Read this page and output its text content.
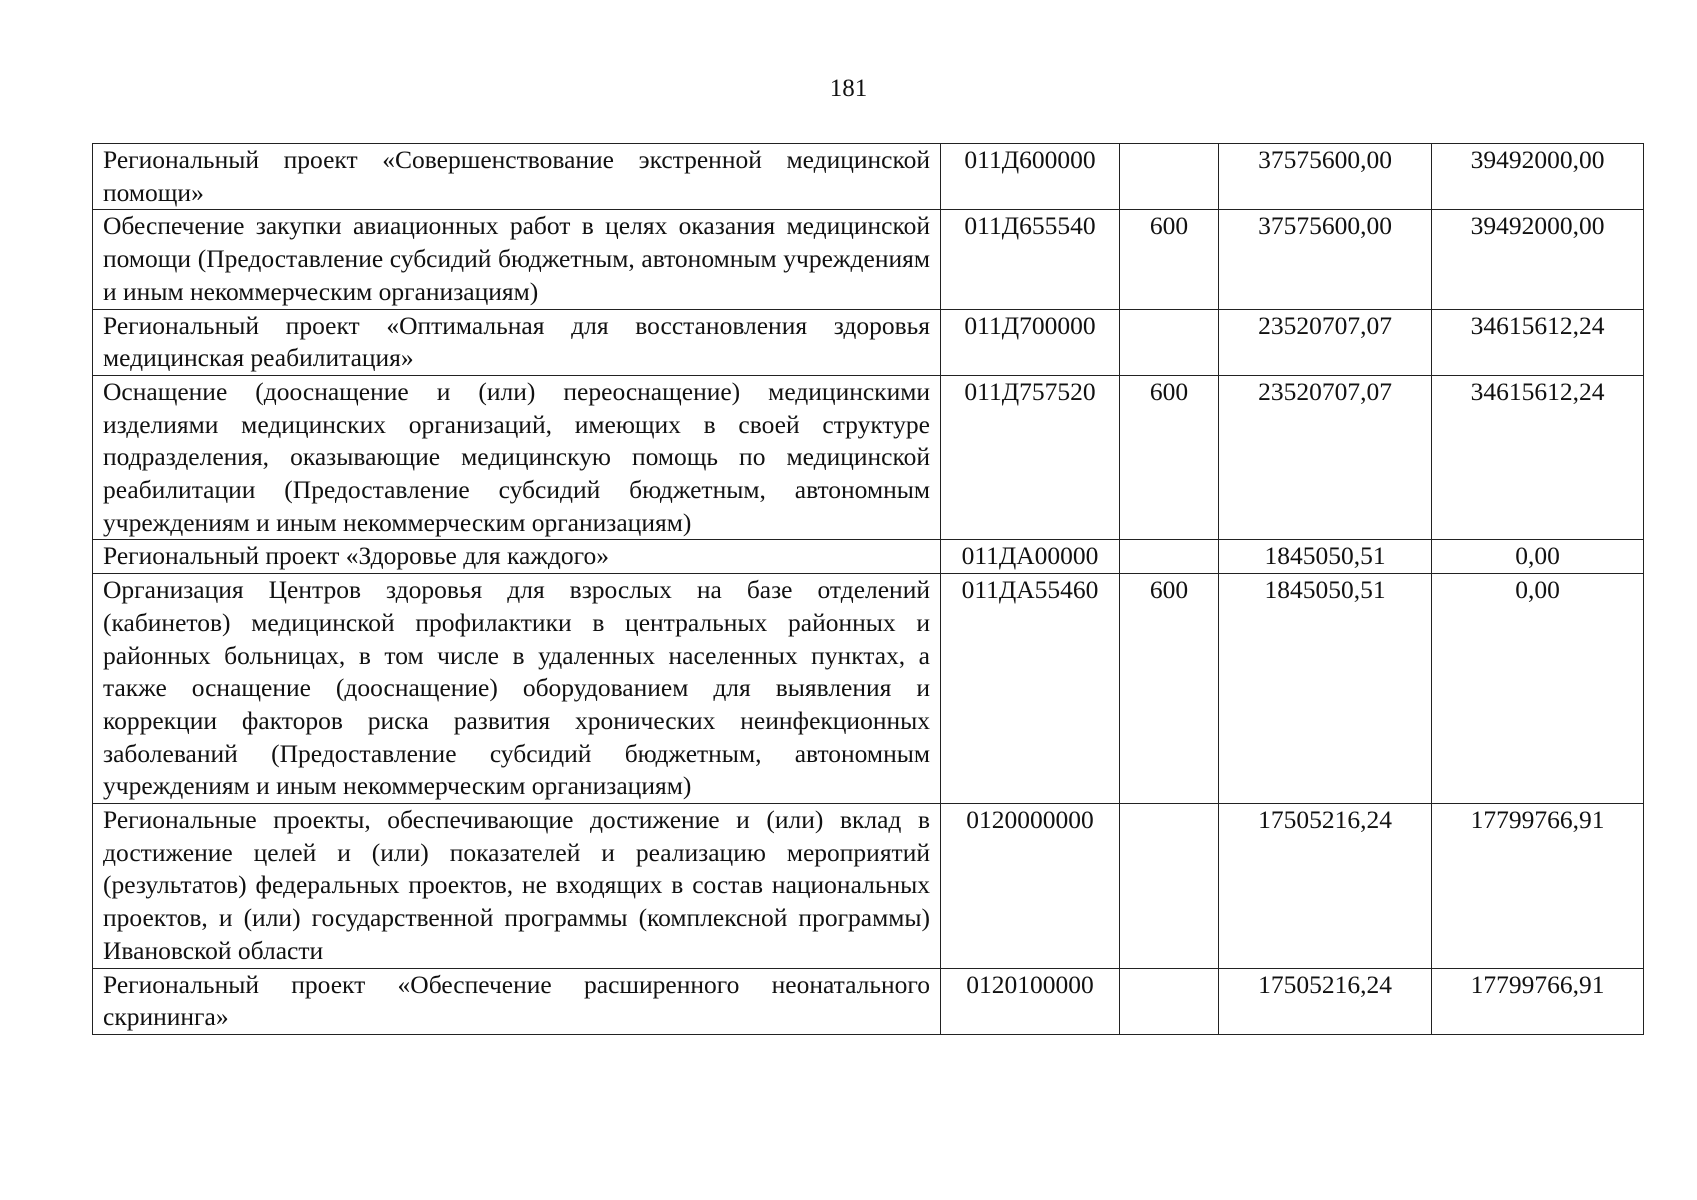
181
Региональный проект «Совершенствование экстренной медицинской помощи»	011Д600000		37575600,00	39492000,00
Обеспечение закупки авиационных работ в целях оказания медицинской помощи (Предоставление субсидий бюджетным, автономным учреждениям и иным некоммерческим организациям)	011Д655540	600	37575600,00	39492000,00
Региональный проект «Оптимальная для восстановления здоровья медицинская реабилитация»	011Д700000		23520707,07	34615612,24
Оснащение (дооснащение и (или) переоснащение) медицинскими изделиями медицинских организаций, имеющих в своей структуре подразделения, оказывающие медицинскую помощь по медицинской реабилитации (Предоставление субсидий бюджетным, автономным учреждениям и иным некоммерческим организациям)	011Д757520	600	23520707,07	34615612,24
Региональный проект «Здоровье для каждого»	011ДА00000		1845050,51	0,00
Организация Центров здоровья для взрослых на базе отделений (кабинетов) медицинской профилактики в центральных районных и районных больницах, в том числе в удаленных населенных пунктах, а также оснащение (дооснащение) оборудованием для выявления и коррекции факторов риска развития хронических неинфекционных заболеваний (Предоставление субсидий бюджетным, автономным учреждениям и иным некоммерческим организациям)	011ДА55460	600	1845050,51	0,00
Региональные проекты, обеспечивающие достижение и (или) вклад в достижение целей и (или) показателей и реализацию мероприятий (результатов) федеральных проектов, не входящих в состав национальных проектов, и (или) государственной программы (комплексной программы) Ивановской области	0120000000		17505216,24	17799766,91
Региональный проект «Обеспечение расширенного неонатального скрининга»	0120100000		17505216,24	17799766,91
